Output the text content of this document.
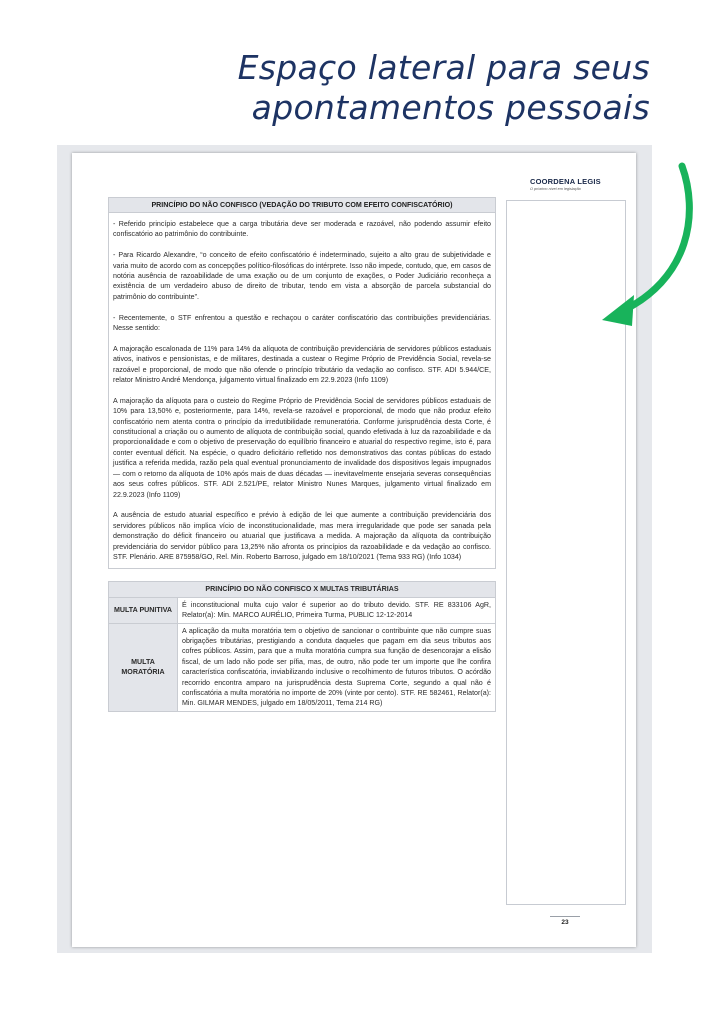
Espaço lateral para seus
apontamentos pessoais
COORDENA LEGIS
O próximo nível em legislação
PRINCÍPIO DO NÃO CONFISCO (VEDAÇÃO DO TRIBUTO COM EFEITO CONFISCATÓRIO)

- Referido princípio estabelece que a carga tributária deve ser moderada e razoável, não podendo assumir efeito confiscatório ao patrimônio do contribuinte.

- Para Ricardo Alexandre, “o conceito de efeito confiscatório é indeterminado, sujeito a alto grau de subjetividade e varia muito de acordo com as concepções político-filosóficas do intérprete. Isso não impede, contudo, que, em casos de notória ausência de razoabilidade de uma exação ou de um conjunto de exações, o Poder Judiciário reconheça a existência de um verdadeiro abuso de direito de tributar, tendo em vista a absorção de parcela substancial do patrimônio do contribuinte”.

- Recentemente, o STF enfrentou a questão e rechaçou o caráter confiscatório das contribuições previdenciárias. Nesse sentido:

A majoração escalonada de 11% para 14% da alíquota de contribuição previdenciária de servidores públicos estaduais ativos, inativos e pensionistas, e de militares, destinada a custear o Regime Próprio de Previdência Social, revela-se razoável e proporcional, de modo que não ofende o princípio tributário da vedação ao confisco. STF. ADI 5.944/CE, relator Ministro André Mendonça, julgamento virtual finalizado em 22.9.2023 (Info 1109)

A majoração da alíquota para o custeio do Regime Próprio de Previdência Social de servidores públicos estaduais de 10% para 13,50% e, posteriormente, para 14%, revela-se razoável e proporcional, de modo que não produz efeito confiscatório nem atenta contra o princípio da irredutibilidade remuneratória. Conforme jurisprudência desta Corte, é constitucional a criação ou o aumento de alíquota de contribuição social, quando efetivada à luz da razoabilidade e da proporcionalidade e com o objetivo de preservação do equilíbrio financeiro e atuarial do respectivo regime, isto é, para conter eventual déficit. Na espécie, o quadro deficitário refletido nos demonstrativos das contas públicas do estado justifica a referida medida, razão pela qual eventual pronunciamento de invalidade dos dispositivos legais impugnados — com o retorno da alíquota de 10% após mais de duas décadas — inevitavelmente ensejaria severas consequências aos seus cofres públicos. STF. ADI 2.521/PE, relator Ministro Nunes Marques, julgamento virtual finalizado em 22.9.2023 (Info 1109)

A ausência de estudo atuarial específico e prévio à edição de lei que aumente a contribuição previdenciária dos servidores públicos não implica vício de inconstitucionalidade, mas mera irregularidade que pode ser sanada pela demonstração do déficit financeiro ou atuarial que justificava a medida. A majoração da alíquota da contribuição previdenciária do servidor público para 13,25% não afronta os princípios da razoabilidade e da vedação ao confisco. STF. Plenário. ARE 875958/GO, Rel. Min. Roberto Barroso, julgado em 18/10/2021 (Tema 933 RG) (Info 1034)

PRINCÍPIO DO NÃO CONFISCO X MULTAS TRIBUTÁRIAS	
MULTA PUNITIVA	É inconstitucional multa cujo valor é superior ao do tributo devido. STF. RE 833106 AgR, Relator(a): Min. MARCO AURÉLIO, Primeira Turma, PUBLIC 12-12-2014
MULTA MORATÓRIA	A aplicação da multa moratória tem o objetivo de sancionar o contribuinte que não cumpre suas obrigações tributárias, prestigiando a conduta daqueles que pagam em dia seus tributos aos cofres públicos. Assim, para que a multa moratória cumpra sua função de desencorajar a elisão fiscal, de um lado não pode ser pífia, mas, de outro, não pode ter um importe que lhe confira característica confiscatória, inviabilizando inclusive o recolhimento de futuros tributos. O acórdão recorrido encontra amparo na jurisprudência desta Suprema Corte, segundo a qual não é confiscatória a multa moratória no importe de 20% (vinte por cento). STF. RE 582461, Relator(a): Min. GILMAR MENDES, julgado em 18/05/2011, Tema 214 RG)
23
